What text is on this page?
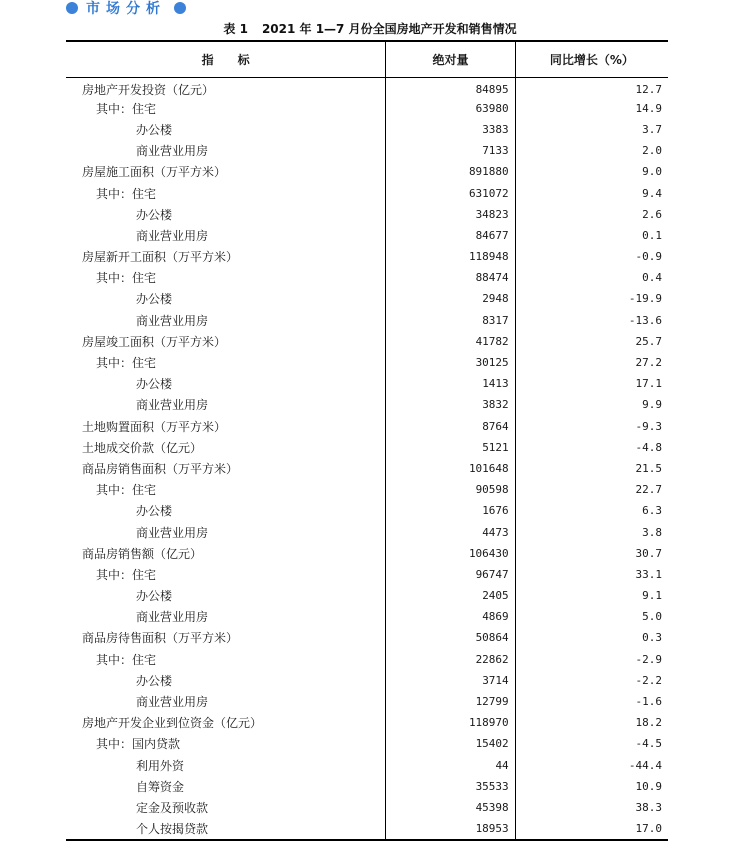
市场分析
表 1 2021 年 1—7 月份全国房地产开发和销售情况
指　　标	绝对量	同比增长（%）
房地产开发投资（亿元）	84895	12.7
其中：住宅	63980	14.9
办公楼	3383	3.7
商业营业用房	7133	2.0
房屋施工面积（万平方米）	891880	9.0
其中：住宅	631072	9.4
办公楼	34823	2.6
商业营业用房	84677	0.1
房屋新开工面积（万平方米）	118948	-0.9
其中：住宅	88474	0.4
办公楼	2948	-19.9
商业营业用房	8317	-13.6
房屋竣工面积（万平方米）	41782	25.7
其中：住宅	30125	27.2
办公楼	1413	17.1
商业营业用房	3832	9.9
土地购置面积（万平方米）	8764	-9.3
土地成交价款（亿元）	5121	-4.8
商品房销售面积（万平方米）	101648	21.5
其中：住宅	90598	22.7
办公楼	1676	6.3
商业营业用房	4473	3.8
商品房销售额（亿元）	106430	30.7
其中：住宅	96747	33.1
办公楼	2405	9.1
商业营业用房	4869	5.0
商品房待售面积（万平方米）	50864	0.3
其中：住宅	22862	-2.9
办公楼	3714	-2.2
商业营业用房	12799	-1.6
房地产开发企业到位资金（亿元）	118970	18.2
其中：国内贷款	15402	-4.5
利用外资	44	-44.4
自筹资金	35533	10.9
定金及预收款	45398	38.3
个人按揭贷款	18953	17.0
